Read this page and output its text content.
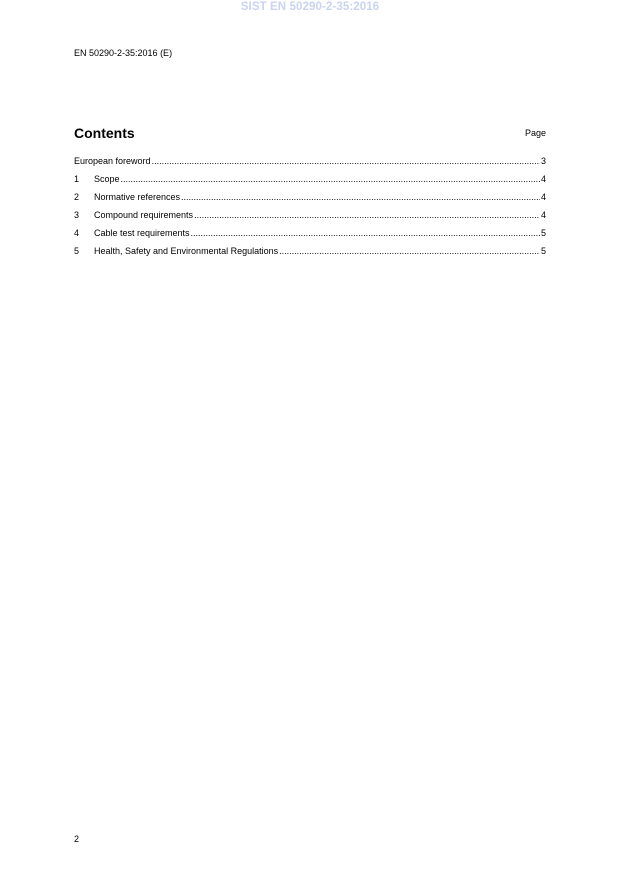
SIST EN 50290-2-35:2016
EN 50290-2-35:2016 (E)
Contents	Page
European foreword .....	3
1	Scope .....	4
2	Normative references .....	4
3	Compound requirements .....	4
4	Cable test requirements .....	5
5	Health, Safety and Environmental Regulations .....	5
2
